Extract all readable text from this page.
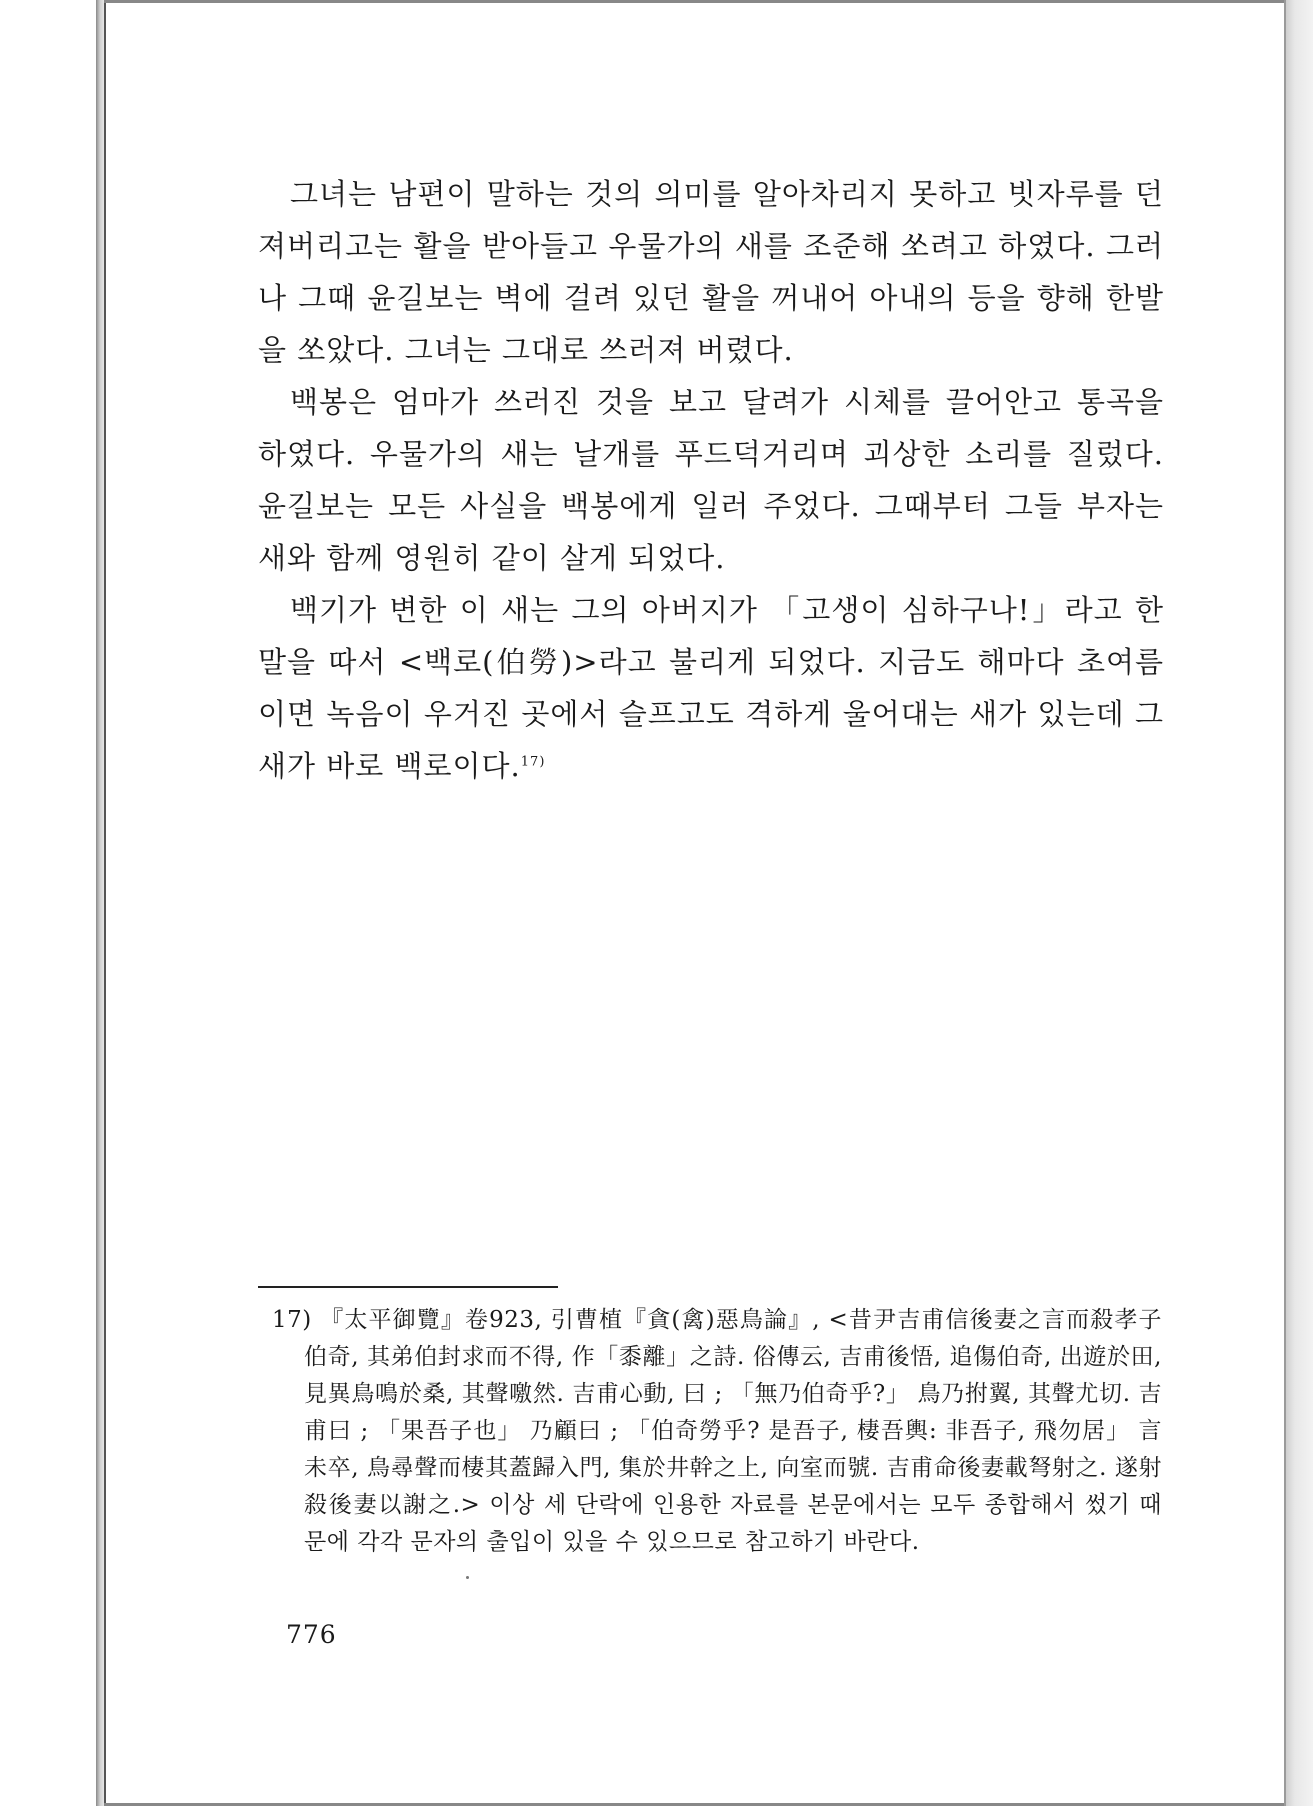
그녀는 남편이 말하는 것의 의미를 알아차리지 못하고 빗자루를 던져버리고는 활을 받아들고 우물가의 새를 조준해 쏘려고 하였다. 그러나 그때 윤길보는 벽에 걸려 있던 활을 꺼내어 아내의 등을 향해 한발을 쏘았다. 그녀는 그대로 쓰러져 버렸다.

백봉은 엄마가 쓰러진 것을 보고 달려가 시체를 끌어안고 통곡을 하였다. 우물가의 새는 날개를 푸드덕거리며 괴상한 소리를 질렀다. 윤길보는 모든 사실을 백봉에게 일러 주었다. 그때부터 그들 부자는 새와 함께 영원히 같이 살게 되었다.

백기가 변한 이 새는 그의 아버지가 「고생이 심하구나!」라고 한 말을 따서 <백로(伯勞)>라고 불리게 되었다. 지금도 해마다 초여름이면 녹음이 우거진 곳에서 슬프고도 격하게 울어대는 새가 있는데 그 새가 바로 백로이다.$^{17)}$

17) 『太平御覽』卷923, 引曹植『貪(禽)惡鳥論』, <昔尹吉甫信後妻之言而殺孝子伯奇, 其弟伯封求而不得, 作「黍離」之詩. 俗傳云, 吉甫後悟, 追傷伯奇, 出遊於田, 見異鳥鳴於桑, 其聲噭然. 吉甫心動, 曰 ; 「無乃伯奇乎?」 鳥乃拊翼, 其聲尤切. 吉甫曰 ; 「果吾子也」 乃顧曰 ; 「伯奇勞乎? 是吾子, 棲吾輿: 非吾子, 飛勿居」 言未卒, 鳥尋聲而棲其蓋歸入門, 集於井幹之上, 向室而號. 吉甫命後妻載弩射之. 遂射殺後妻以謝之.> 이상 세 단락에 인용한 자료를 본문에서는 모두 종합해서 썼기 때문에 각각 문자의 출입이 있을 수 있으므로 참고하기 바란다.
776
